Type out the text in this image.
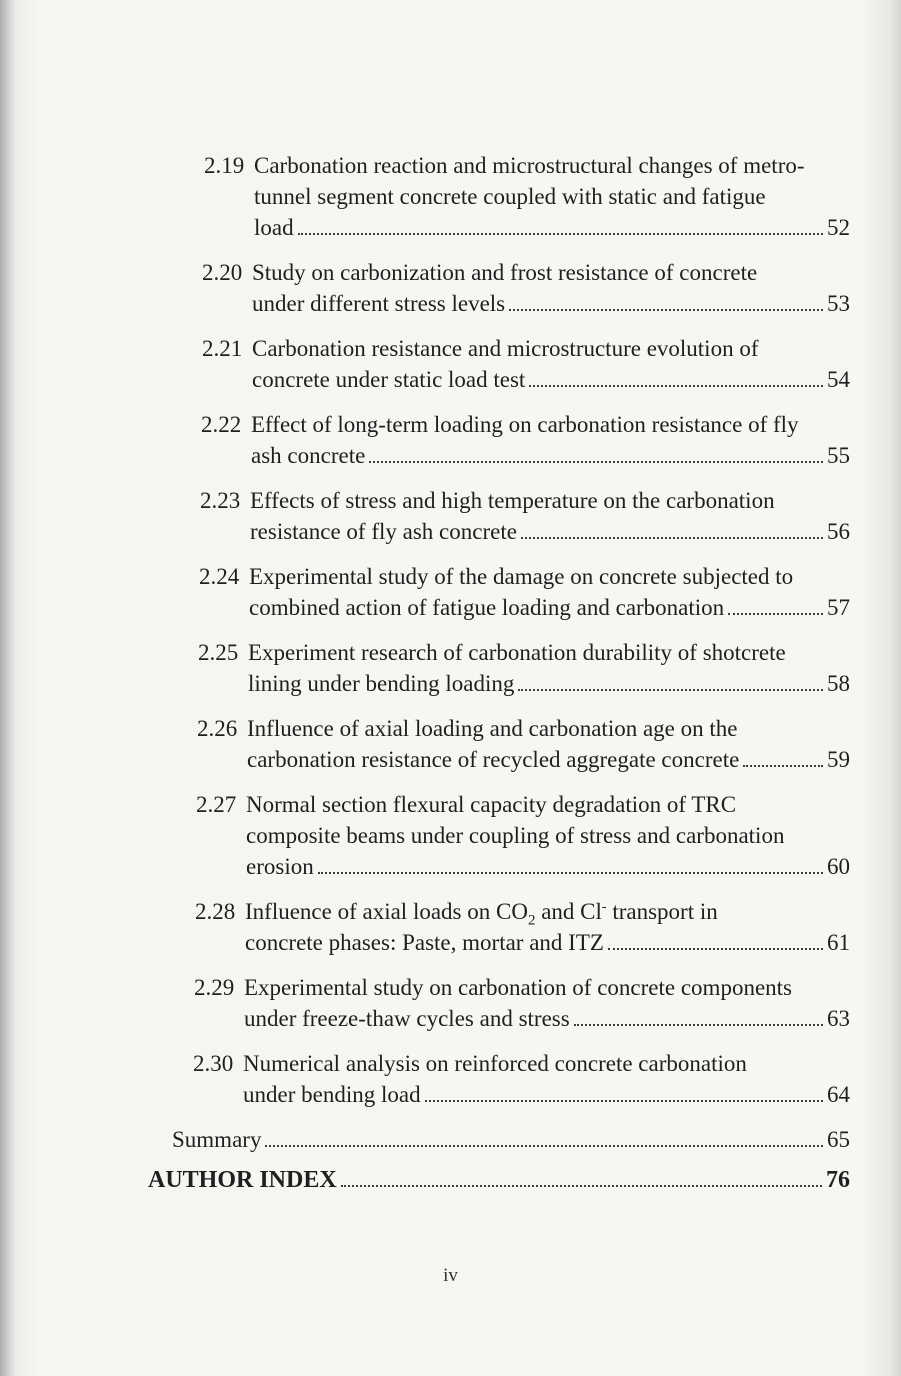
2.19 Carbonation reaction and microstructural changes of metro-
tunnel segment concrete coupled with static and fatigue
load	52
2.20 Study on carbonization and frost resistance of concrete
under different stress levels	53
2.21 Carbonation resistance and microstructure evolution of
concrete under static load test	54
2.22 Effect of long-term loading on carbonation resistance of fly
ash concrete	55
2.23 Effects of stress and high temperature on the carbonation
resistance of fly ash concrete	56
2.24 Experimental study of the damage on concrete subjected to
combined action of fatigue loading and carbonation	57
2.25 Experiment research of carbonation durability of shotcrete
lining under bending loading	58
2.26 Influence of axial loading and carbonation age on the
carbonation resistance of recycled aggregate concrete	59
2.27 Normal section flexural capacity degradation of TRC
composite beams under coupling of stress and carbonation
erosion	60
2.28 Influence of axial loads on $CO_2$ and Cl- transport in
concrete phases: Paste, mortar and ITZ	61
2.29 Experimental study on carbonation of concrete components
under freeze-thaw cycles and stress	63
2.30 Numerical analysis on reinforced concrete carbonation
under bending load	64
Summary	65
AUTHOR INDEX	76
iv
